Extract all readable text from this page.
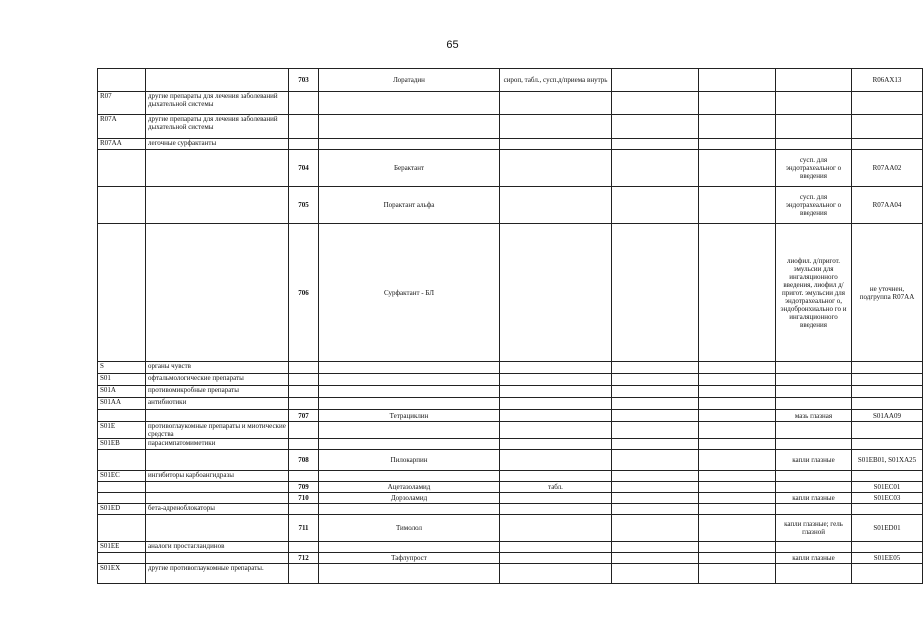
65
		703	Лоратадин	сироп, табл., сусп.д/приема внутрь				R06AX13
R07	другие препараты для лечения заболеваний дыхательной системы							
R07A	другие препараты для лечения заболеваний дыхательной системы							
R07AA	легочные сурфактанты							
		704	Берактант				сусп. для эндотрахеальног о введения	R07AA02
		705	Порактант альфа				сусп. для эндотрахеальног о введения	R07AA04
		706	Сурфактант - БЛ				лиофил. д/пригот. эмульсии для ингаляционного введения, лиофил д/пригот. эмульсии для эндотрахеальног о, эндобронхиально го и ингаляционного введения	не уточнен, подгруппа R07AA
S	органы чувств							
S01	офтальмологические препараты							
S01A	противомикробные препараты							
S01AA	антибиотики							
		707	Тетрациклин				мазь глазная	S01AA09
S01E	противоглаукомные препараты и миотические средства							
S01EB	парасимпатомиметики							
		708	Пилокарпин				капли глазные	S01EB01, S01XA25
S01EC	ингибиторы карбоангидразы							
		709	Ацетазоламид	табл.				S01EC01
		710	Дорзоламид				капли глазные	S01EC03
S01ED	бета-адреноблокаторы							
		711	Тимолол				капли глазные; гель глазной	S01ED01
S01EE	аналоги простагландинов							
		712	Тафлупрост				капли глазные	S01EE05
S01EX	другие противоглаукомные препараты.							
